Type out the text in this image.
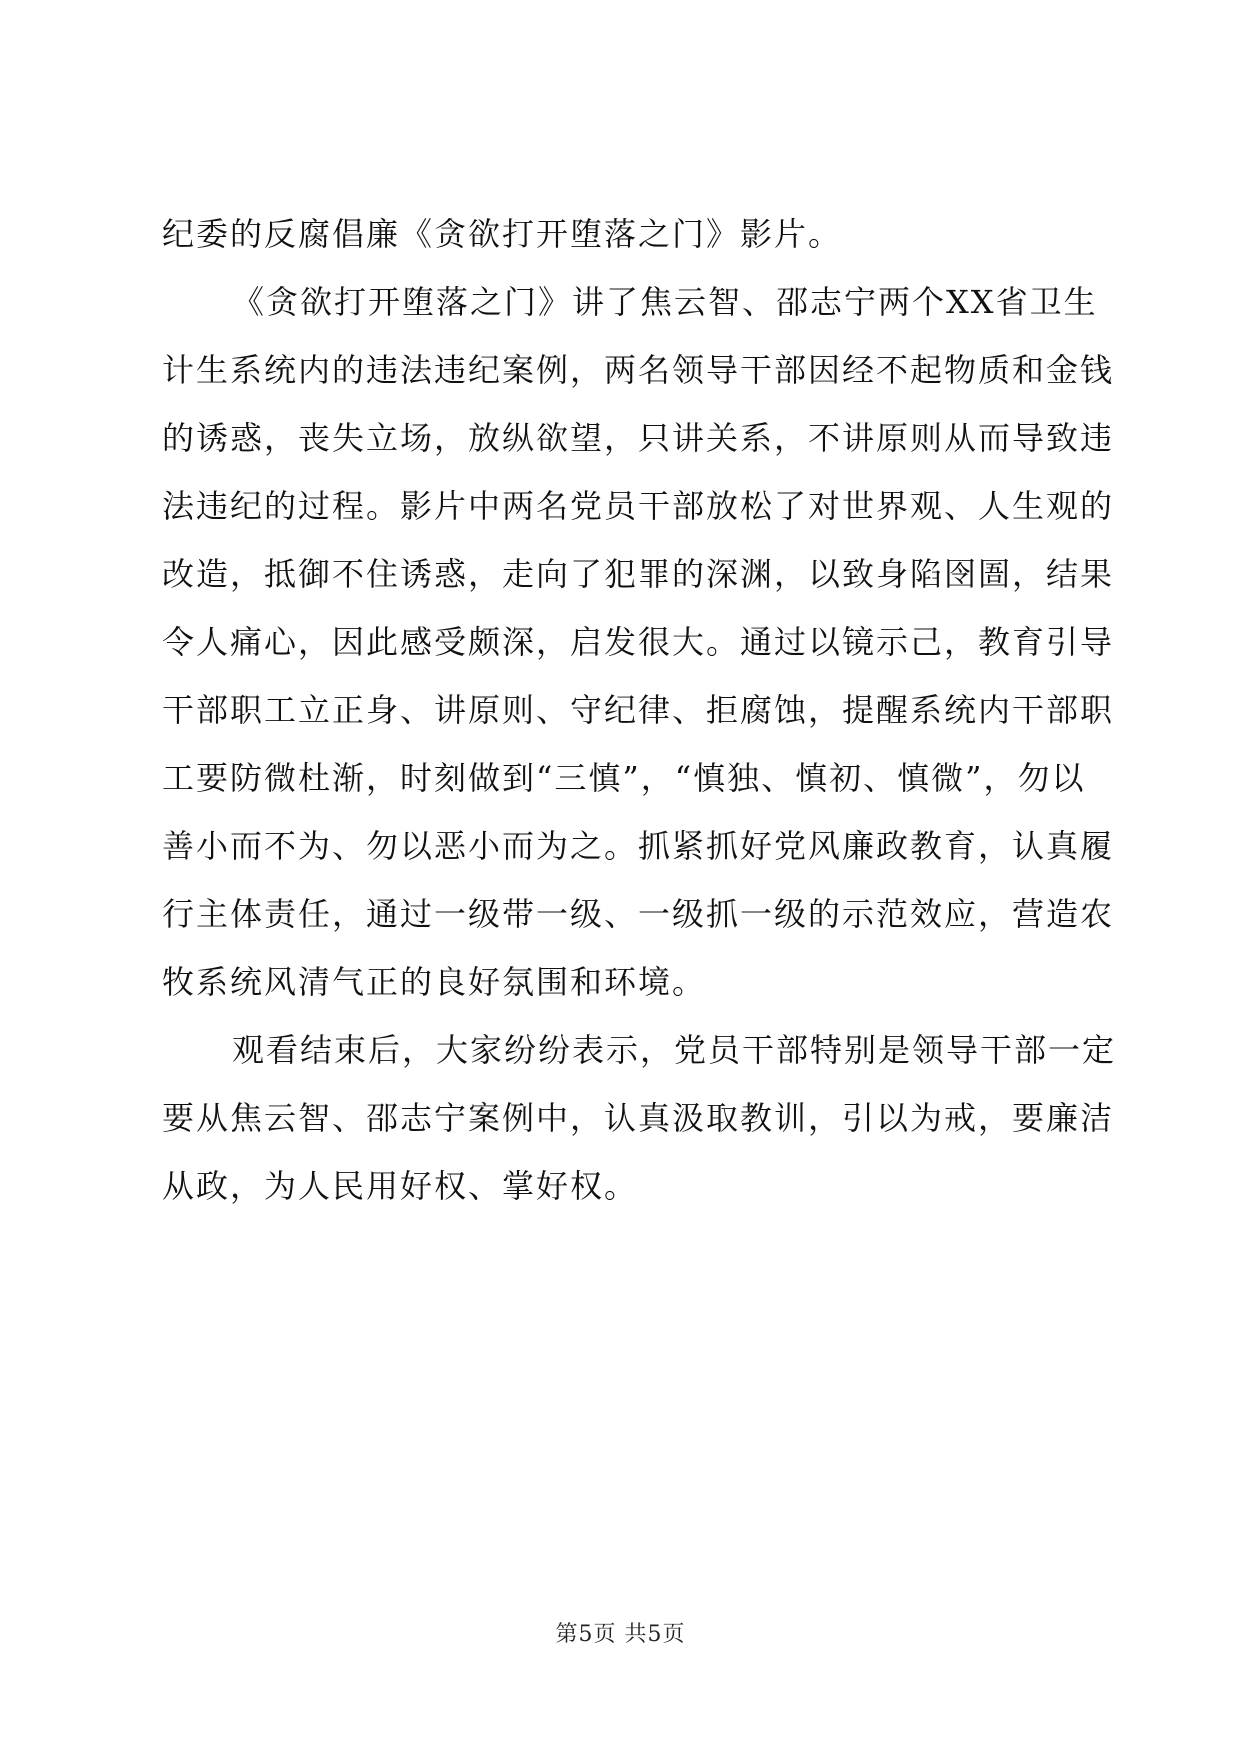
纪委的反腐倡廉《贪欲打开堕落之门》影片。
《贪欲打开堕落之门》讲了焦云智、邵志宁两个XX省卫生
计生系统内的违法违纪案例，两名领导干部因经不起物质和金钱
的诱惑，丧失立场，放纵欲望，只讲关系，不讲原则从而导致违
法违纪的过程。影片中两名党员干部放松了对世界观、人生观的
改造，抵御不住诱惑，走向了犯罪的深渊，以致身陷囹圄，结果
令人痛心，因此感受颇深，启发很大。通过以镜示己，教育引导
干部职工立正身、讲原则、守纪律、拒腐蚀，提醒系统内干部职
工要防微杜渐，时刻做到“三慎”，“慎独、慎初、慎微”，勿以
善小而不为、勿以恶小而为之。抓紧抓好党风廉政教育，认真履
行主体责任，通过一级带一级、一级抓一级的示范效应，营造农
牧系统风清气正的良好氛围和环境。
观看结束后，大家纷纷表示，党员干部特别是领导干部一定
要从焦云智、邵志宁案例中，认真汲取教训，引以为戒，要廉洁
从政，为人民用好权、掌好权。
第5页 共5页
